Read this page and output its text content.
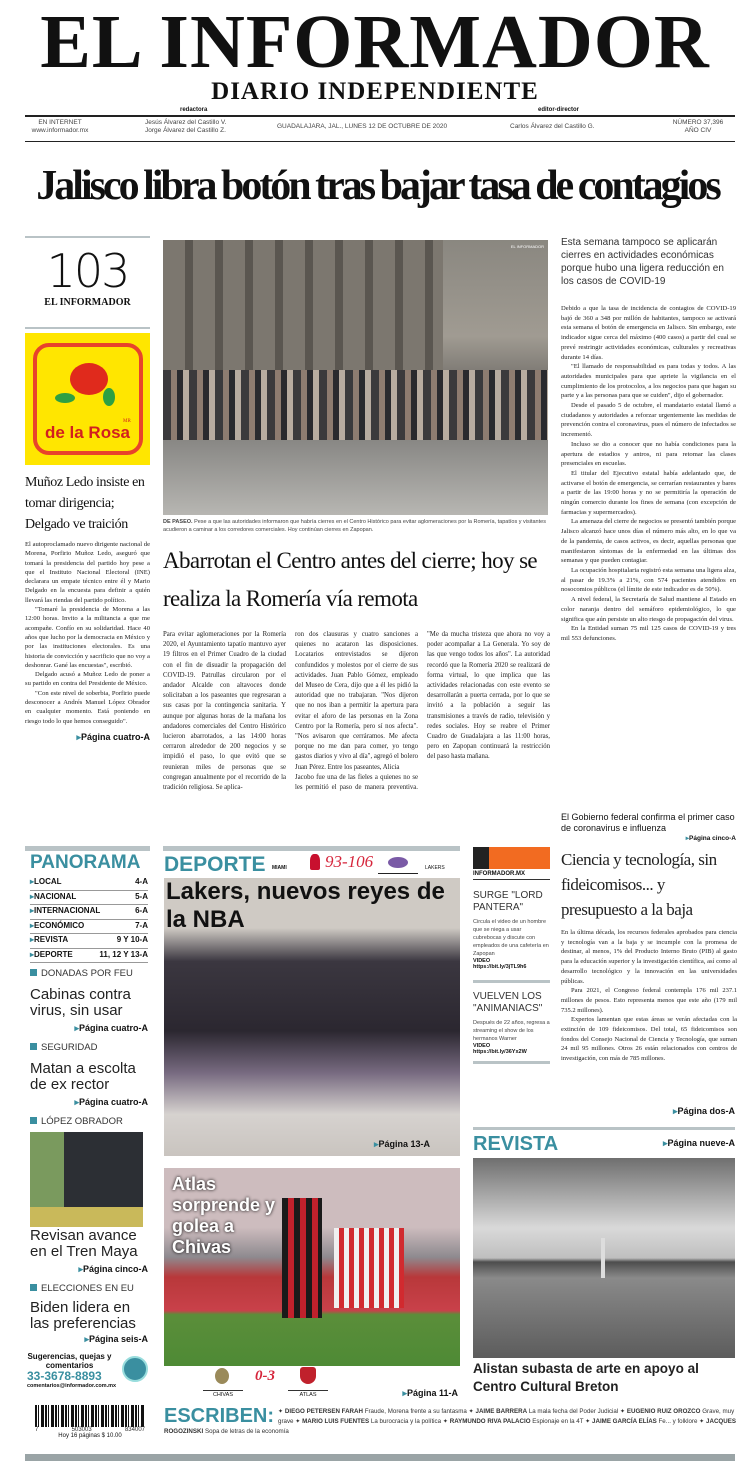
EL INFORMADOR
DIARIO INDEPENDIENTE
redactora	editor-director
EN INTERNET
www.informador.mx
Jesús Álvarez del Castillo V.
Jorge Álvarez del Castillo Z.
GUADALAJARA, JAL., LUNES 12 DE OCTUBRE DE 2020	Carlos Álvarez del Castillo G.
NÚMERO 37,396
AÑO CIV
Jalisco libra botón tras bajar tasa de contagios
103
EL INFORMADOR
de la Rosa
MR
Muñoz Ledo insiste en tomar dirigencia; Delgado ve traición

El autoproclamado nuevo dirigente nacional de Morena, Porfirio Muñoz Ledo, aseguró que tomará la presidencia del partido hoy pese a que el Instituto Nacional Electoral (INE) declarara un empate técnico entre él y Mario Delgado en la encuesta para definir a quién llevará las riendas del partido político.

"Tomaré la presidencia de Morena a las 12:00 horas. Invito a la militancia a que me acompañe. Confío en su solidaridad. Hace 40 años que lucho por la democracia en México y por las instituciones electorales. Es una historia de convicción y sacrificio que no voy a deshonrar. Gané las encuestas", escribió.

Delgado acusó a Muñoz Ledo de poner a su partido en contra del Presidente de México.

"Con este nivel de soberbia, Porfirio puede desconocer a Andrés Manuel López Obrador en cualquier momento. Está poniendo en riesgo todo lo que hemos conseguido".

▸ Página cuatro-A
EL INFORMADOR
DE PASEO. Pese a que las autoridades informaron que habría cierres en el Centro Histórico para evitar aglomeraciones por la Romería, tapatíos y visitantes acudieron a caminar a los corredores comerciales. Hoy continúan cierres en Zapopan.
Abarrotan el Centro antes del cierre; hoy se realiza la Romería vía remota

Para evitar aglomeraciones por la Romería 2020, el Ayuntamiento tapatío mantuvo ayer 19 filtros en el Primer Cuadro de la ciudad con el fin de disuadir la propagación del COVID-19. Patrullas circularon por el andador Alcalde con altavoces donde solicitaban a los paseantes que regresaran a sus casas por la contingencia sanitaria. Y aunque por algunas horas de la mañana los andadores comerciales del Centro Histórico lucieron abarrotados, a las 14:00 horas cerraron alrededor de 200 negocios y se impidió el paso, lo que evitó que se reunieran miles de personas que se congregan anualmente por el recorrido de la tradición religiosa. Se aplica-

ron dos clausuras y cuatro sanciones a quienes no acataron las disposiciones. Locatarios entrevistados se dijeron confundidos y molestos por el cierre de sus actividades. Juan Pablo Gómez, empleado del Museo de Cera, dijo que a él les pidió la autoridad que no trabajaran. "Nos dijeron que no nos iban a permitir la apertura para evitar el aforo de las personas en la Zona Centro por la Romería, pero sí nos afecta". "Nos avisaron que cerráramos. Me afecta porque no me dan para comer, yo tengo gastos diarios y vivo al día", agregó el bolero Juan Pérez. Entre los paseantes, Alicia

Jacobo fue una de las fieles a quienes no se les permitió el paso de manera preventiva. "Me da mucha tristeza que ahora no voy a poder acompañar a La Generala. Yo soy de las que vengo todos los años". La autoridad recordó que la Romería 2020 se realizará de forma virtual, lo que implica que las actividades relacionadas con este evento se desarrollarán a puerta cerrada, por lo que se invitó a la población a seguir las transmisiones a través de radio, televisión y redes sociales. Hoy se reabre el Primer Cuadro de Guadalajara a las 11:00 horas, pero en Zapopan continuará la restricción del paso hasta mañana.

Esta semana tampoco se aplicarán cierres en actividades económicas porque hubo una ligera reducción en los casos de COVID-19

Debido a que la tasa de incidencia de contagios de COVID-19 bajó de 360 a 348 por millón de habitantes, tampoco se activará esta semana el botón de emergencia en Jalisco. Sin embargo, este indicador sigue cerca del máximo (400 casos) a partir del cual se prevé restringir actividades económicas, culturales y recreativas durante 14 días.

"El llamado de responsabilidad es para todas y todos. A las autoridades municipales para que apriete la vigilancia en el cumplimiento de los protocolos, a los negocios para que hagan su parte y a las personas para que se cuiden", dijo el gobernador.

Desde el pasado 5 de octubre, el mandatario estatal llamó a ciudadanos y autoridades a reforzar urgentemente las medidas de prevención contra el coronavirus, pues el número de infectados se incrementó.

Incluso se dio a conocer que no había condiciones para la apertura de estadios y antros, ni para retomar las clases presenciales en escuelas.

El titular del Ejecutivo estatal había adelantado que, de activarse el botón de emergencia, se cerrarían restaurantes y bares a partir de las 19:00 horas y no se permitiría la operación de ningún comercio durante los fines de semana (con excepción de farmacias y supermercados).

La amenaza del cierre de negocios se presentó también porque Jalisco alcanzó hace unos días el número más alto, en lo que va de la pandemia, de casos activos, es decir, aquellas personas que manifestaron síntomas de la enfermedad en las últimas dos semanas y que pueden contagiar.

La ocupación hospitalaria registró esta semana una ligera alza, al pasar de 19.3% a 21%, con 574 pacientes atendidos en nosocomios públicos (el límite de este indicador es de 50%).

A nivel federal, la Secretaría de Salud mantiene al Estado en color naranja dentro del semáforo epidemiológico, lo que significa que aún persiste un alto riesgo de propagación del virus.

En la Entidad suman 75 mil 125 casos de COVID-19 y tres mil 553 defunciones.

El Gobierno federal confirma el primer caso de coronavirus e influenza
▸ Página cinco-A
PANORAMA
▸ LOCAL	4-A
▸ NACIONAL	5-A
▸ INTERNACIONAL	6-A
▸ ECONÓMICO	7-A
▸ REVISTA	9 Y 10-A
▸ DEPORTE	11, 12 Y 13-A
DONADAS POR FEU
Cabinas contra virus, sin usar
▸ Página cuatro-A
SEGURIDAD
Matan a escolta de ex rector
▸ Página cuatro-A
LÓPEZ OBRADOR
Revisan avance en el Tren Maya
▸ Página cinco-A
ELECCIONES EN EU
Biden lidera en las preferencias
▸ Página seis-A
Sugerencias, quejas y comentarios
33-3678-8893
comentarios@informador.com.mx
7	503003	834007
Hoy 16 páginas $ 10.00
DEPORTE MIAMI 93-106	LAKERS
Lakers, nuevos reyes de la NBA
▸ Página 13-A
Atlas sorprende y golea a Chivas
CHIVAS
0-3
ATLAS	▸ Página 11-A
INFORMADOR.MX
SURGE "LORD PANTERA"
Circula el video de un hombre que se niega a usar cubrebocas y discute con empleados de una cafetería en Zapopan
VIDEO
https://bit.ly/3jTL9h6
VUELVEN LOS "ANIMANIACS"
Después de 22 años, regresa a streaming el show de los hermanos Warner
VIDEO
https://bit.ly/36Yx2W
Ciencia y tecnología, sin fideicomisos... y presupuesto a la baja

En la última década, los recursos federales aprobados para ciencia y tecnología van a la baja y se incumple con la promesa de destinar, al menos, 1% del Producto Interno Bruto (PIB) al gasto para la educación superior y la investigación científica, así como al desarrollo tecnológico y la innovación en las universidades públicas.

Para 2021, el Congreso federal contempla 176 mil 237.1 millones de pesos. Esto representa menos que este año (179 mil 735.2 millones).

Expertos lamentan que estas áreas se verán afectadas con la extinción de 109 fideicomisos. Del total, 65 fideicomisos son fondos del Consejo Nacional de Ciencia y Tecnología, que suman 24 mil 95 millones. Otros 26 están relacionados con centros de investigación, con más de 785 millones.

▸ Página dos-A
REVISTA	▸ Página nueve-A
Alistan subasta de arte en apoyo al Centro Cultural Breton
ESCRIBEN: ✦ DIEGO PETERSEN FARAH Fraude, Morena frente a su fantasma ✦ JAIME BARRERA La mala fecha del Poder Judicial ✦ EUGENIO RUIZ OROZCO Grave, muy grave ✦ MARIO LUIS FUENTES La burocracia y la política ✦ RAYMUNDO RIVA PALACIO Espionaje en la 4T ✦ JAIME GARCÍA ELÍAS Fe... y folklore ✦ JACQUES ROGOZINSKI Sopa de letras de la economía
